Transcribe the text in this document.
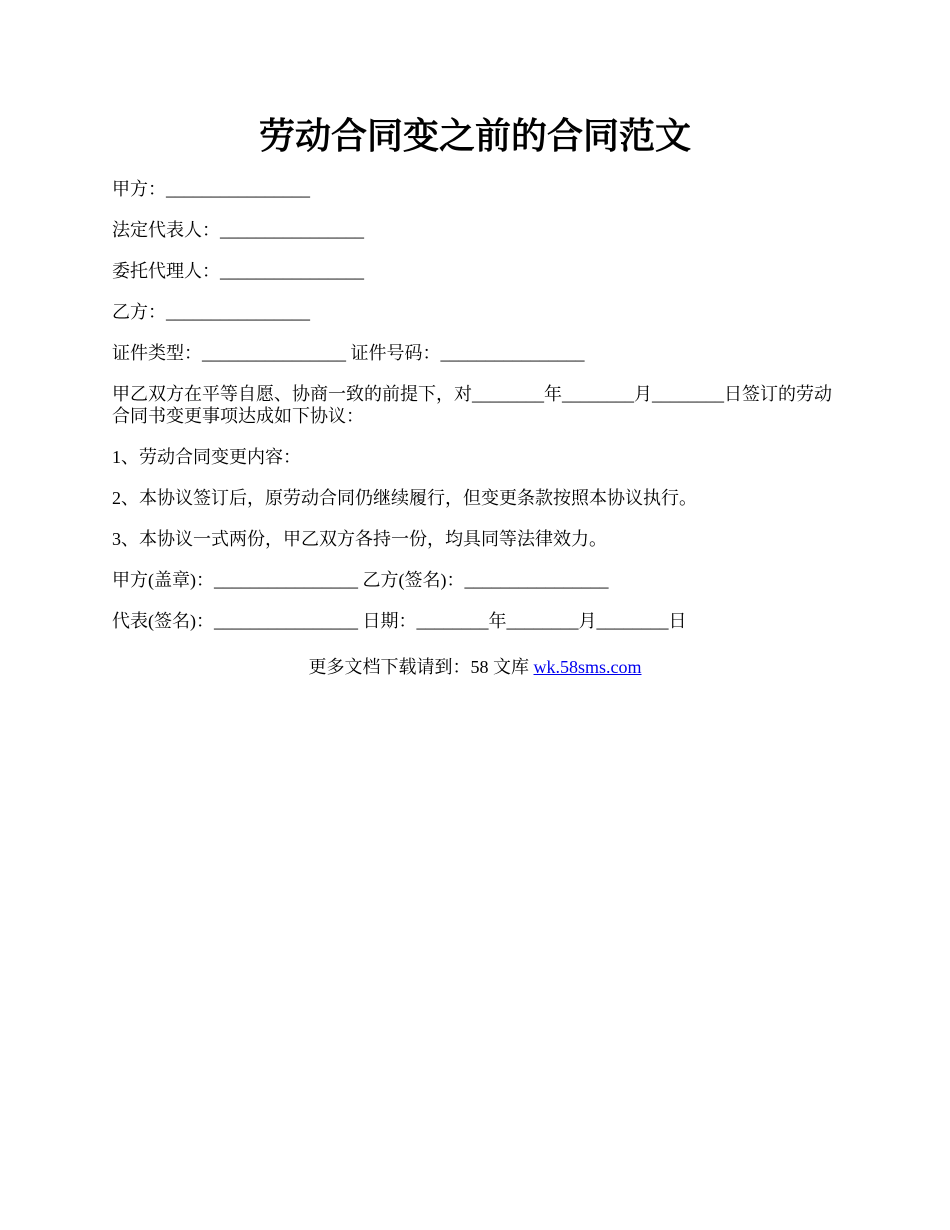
劳动合同变之前的合同范文

甲方：________________

法定代表人：________________

委托代理人：________________

乙方：________________

证件类型：________________ 证件号码：________________

甲乙双方在平等自愿、协商一致的前提下，对________年________月________日签订的劳动合同书变更事项达成如下协议：

1、劳动合同变更内容：

2、本协议签订后，原劳动合同仍继续履行，但变更条款按照本协议执行。

3、本协议一式两份，甲乙双方各持一份，均具同等法律效力。

甲方(盖章)：________________ 乙方(签名)：________________

代表(签名)：________________ 日期：________年________月________日

更多文档下载请到：58 文库 wk.58sms.com
